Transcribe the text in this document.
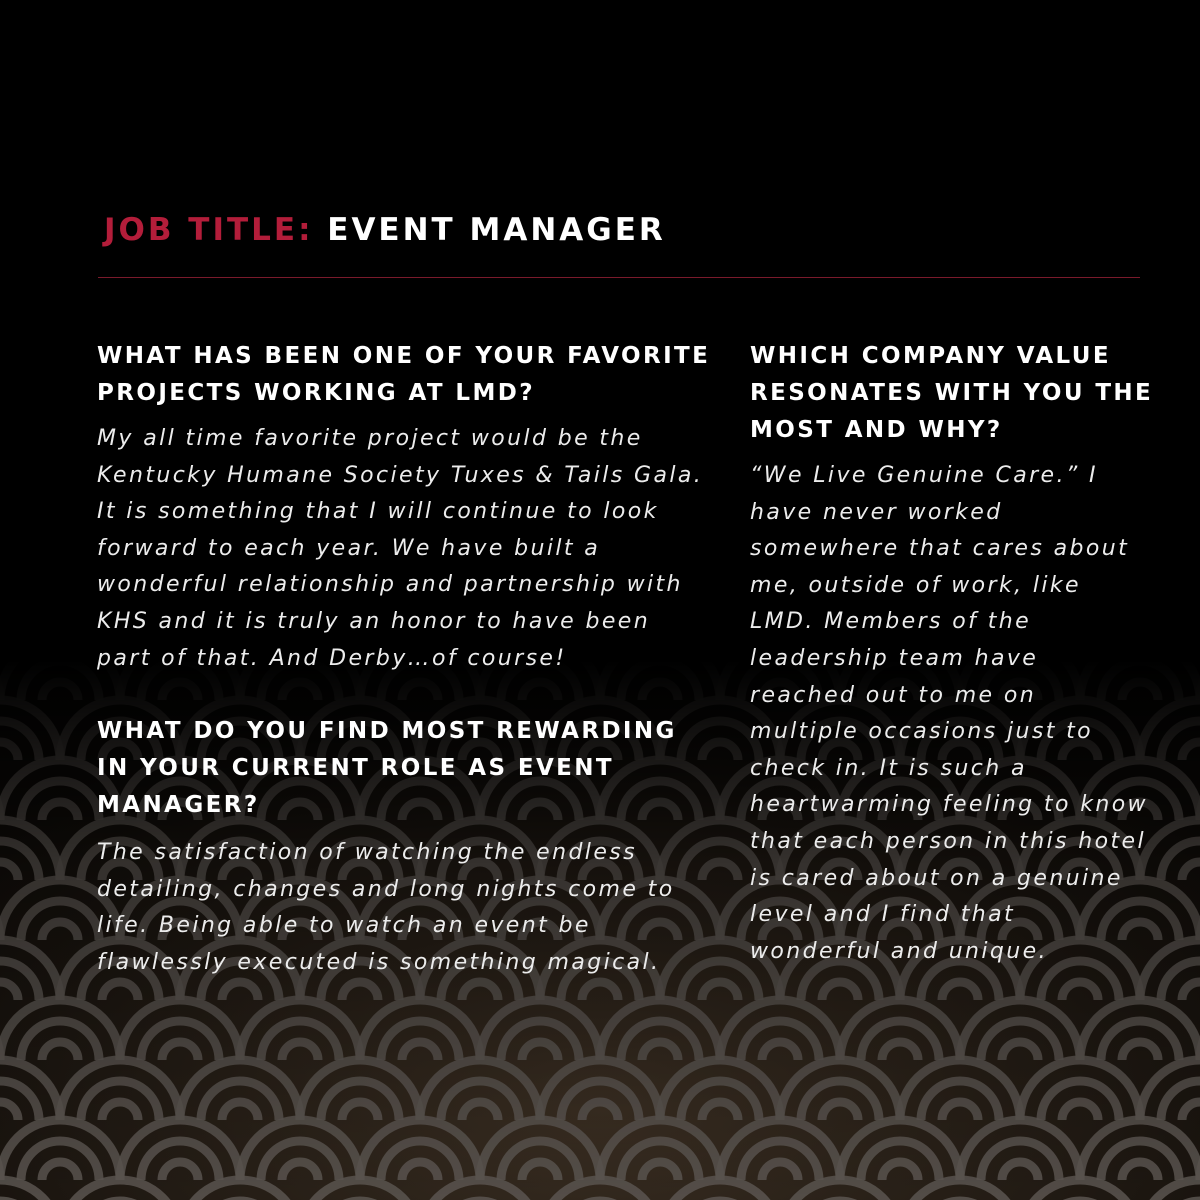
JOB TITLE: EVENT MANAGER
WHAT HAS BEEN ONE OF YOUR FAVORITE PROJECTS WORKING AT LMD?

My all time favorite project would be the Kentucky Humane Society Tuxes & Tails Gala. It is something that I will continue to look forward to each year. We have built a wonderful relationship and partnership with KHS and it is truly an honor to have been part of that. And Derby…of course!

WHAT DO YOU FIND MOST REWARDING IN YOUR CURRENT ROLE AS EVENT MANAGER?

The satisfaction of watching the endless detailing, changes and long nights come to life. Being able to watch an event be flawlessly executed is something magical.

WHICH COMPANY VALUE RESONATES WITH YOU THE MOST AND WHY?

“We Live Genuine Care.” I have never worked somewhere that cares about me, outside of work, like LMD. Members of the leadership team have reached out to me on multiple occasions just to check in. It is such a heartwarming feeling to know that each person in this hotel is cared about on a genuine level and I find that wonderful and unique.
